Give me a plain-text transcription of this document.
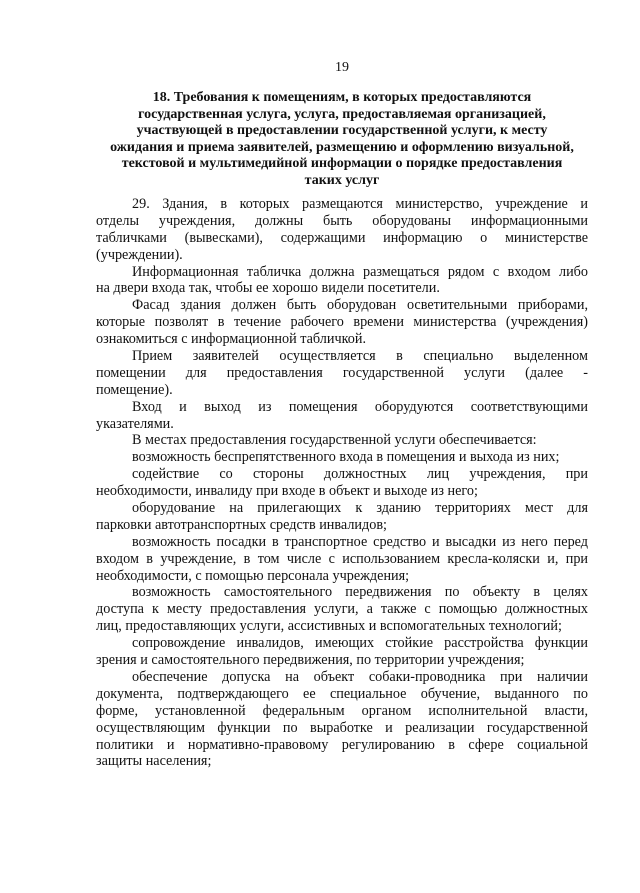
19
18. Требования к помещениям, в которых предоставляются
государственная услуга, услуга, предоставляемая организацией,
участвующей в предоставлении государственной услуги, к месту
ожидания и приема заявителей, размещению и оформлению визуальной,
текстовой и мультимедийной информации о порядке предоставления
таких услуг
29. Здания, в которых размещаются министерство, учреждение и
отделы учреждения, должны быть оборудованы информационными
табличками (вывесками), содержащими информацию о министерстве
(учреждении).
Информационная табличка должна размещаться рядом с входом либо
на двери входа так, чтобы ее хорошо видели посетители.
Фасад здания должен быть оборудован осветительными приборами,
которые позволят в течение рабочего времени министерства (учреждения)
ознакомиться с информационной табличкой.
Прием заявителей осуществляется в специально выделенном
помещении для предоставления государственной услуги (далее -
помещение).
Вход и выход из помещения оборудуются соответствующими
указателями.
В местах предоставления государственной услуги обеспечивается:
возможность беспрепятственного входа в помещения и выхода из них;
содействие со стороны должностных лиц учреждения, при
необходимости, инвалиду при входе в объект и выходе из него;
оборудование на прилегающих к зданию территориях мест для
парковки автотранспортных средств инвалидов;
возможность посадки в транспортное средство и высадки из него перед
входом в учреждение, в том числе с использованием кресла-коляски и, при
необходимости, с помощью персонала учреждения;
возможность самостоятельного передвижения по объекту в целях
доступа к месту предоставления услуги, а также с помощью должностных
лиц, предоставляющих услуги, ассистивных и вспомогательных технологий;
сопровождение инвалидов, имеющих стойкие расстройства функции
зрения и самостоятельного передвижения, по территории учреждения;
обеспечение допуска на объект собаки-проводника при наличии
документа, подтверждающего ее специальное обучение, выданного по
форме, установленной федеральным органом исполнительной власти,
осуществляющим функции по выработке и реализации государственной
политики и нормативно-правовому регулированию в сфере социальной
защиты населения;
